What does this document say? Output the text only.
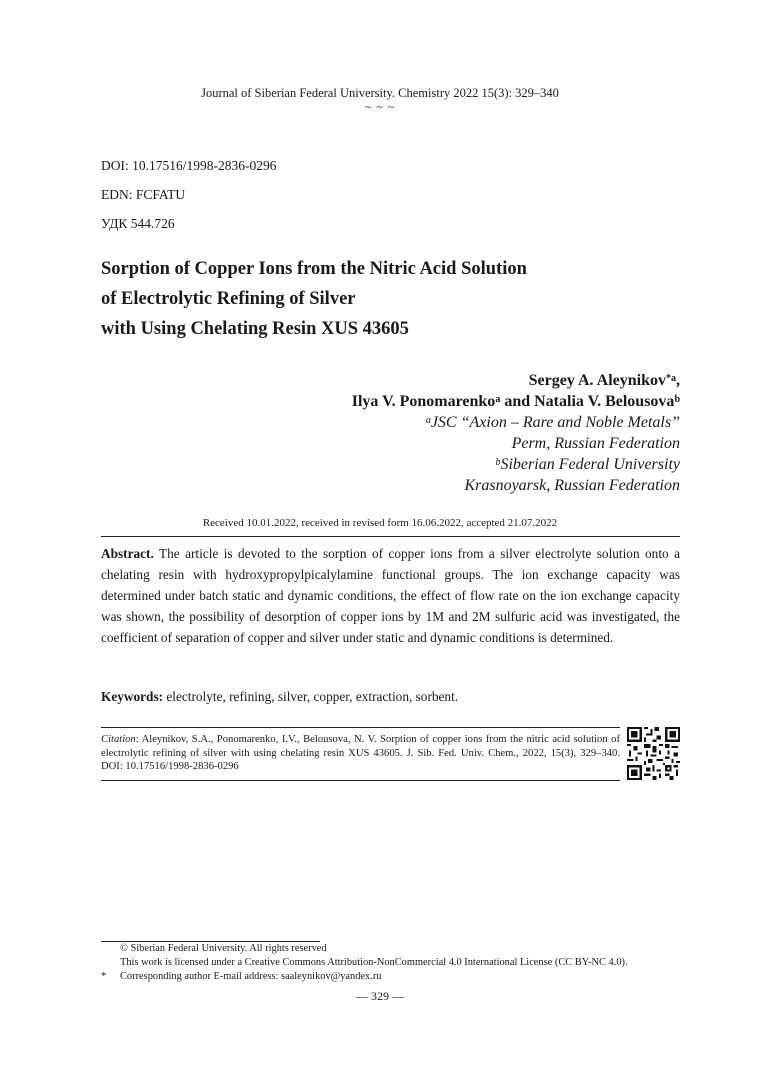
Journal of Siberian Federal University. Chemistry 2022 15(3): 329–340
~ ~ ~
DOI: 10.17516/1998-2836-0296
EDN: FCFATU
УДК 544.726
Sorption of Copper Ions from the Nitric Acid Solution
of Electrolytic Refining of Silver
with Using Chelating Resin XUS 43605
Sergey A. Aleynikov$^{*a}$,
Ilya V. Ponomarenko$^a$ and Natalia V. Belousova$^b$
$^a$JSC “Axion – Rare and Noble Metals”
Perm, Russian Federation
$^b$Siberian Federal University
Krasnoyarsk, Russian Federation
Received 10.01.2022, received in revised form 16.06.2022, accepted 21.07.2022
Abstract. The article is devoted to the sorption of copper ions from a silver electrolyte solution onto a chelating resin with hydroxypropylpicalylamine functional groups. The ion exchange capacity was determined under batch static and dynamic conditions, the effect of flow rate on the ion exchange capacity was shown, the possibility of desorption of copper ions by 1M and 2M sulfuric acid was investigated, the coefficient of separation of copper and silver under static and dynamic conditions is determined.
Keywords: electrolyte, refining, silver, copper, extraction, sorbent.
Citation: Aleynikov, S.A., Ponomarenko, I.V., Belousova, N. V. Sorption of copper ions from the nitric acid solution of electrolytic refining of silver with using chelating resin XUS 43605. J. Sib. Fed. Univ. Chem., 2022, 15(3), 329–340. DOI: 10.17516/1998-2836-0296
© Siberian Federal University. All rights reserved
This work is licensed under a Creative Commons Attribution-NonCommercial 4.0 International License (CC BY-NC 4.0).
* Corresponding author E-mail address: saaleynikov@yandex.ru
— 329 —
